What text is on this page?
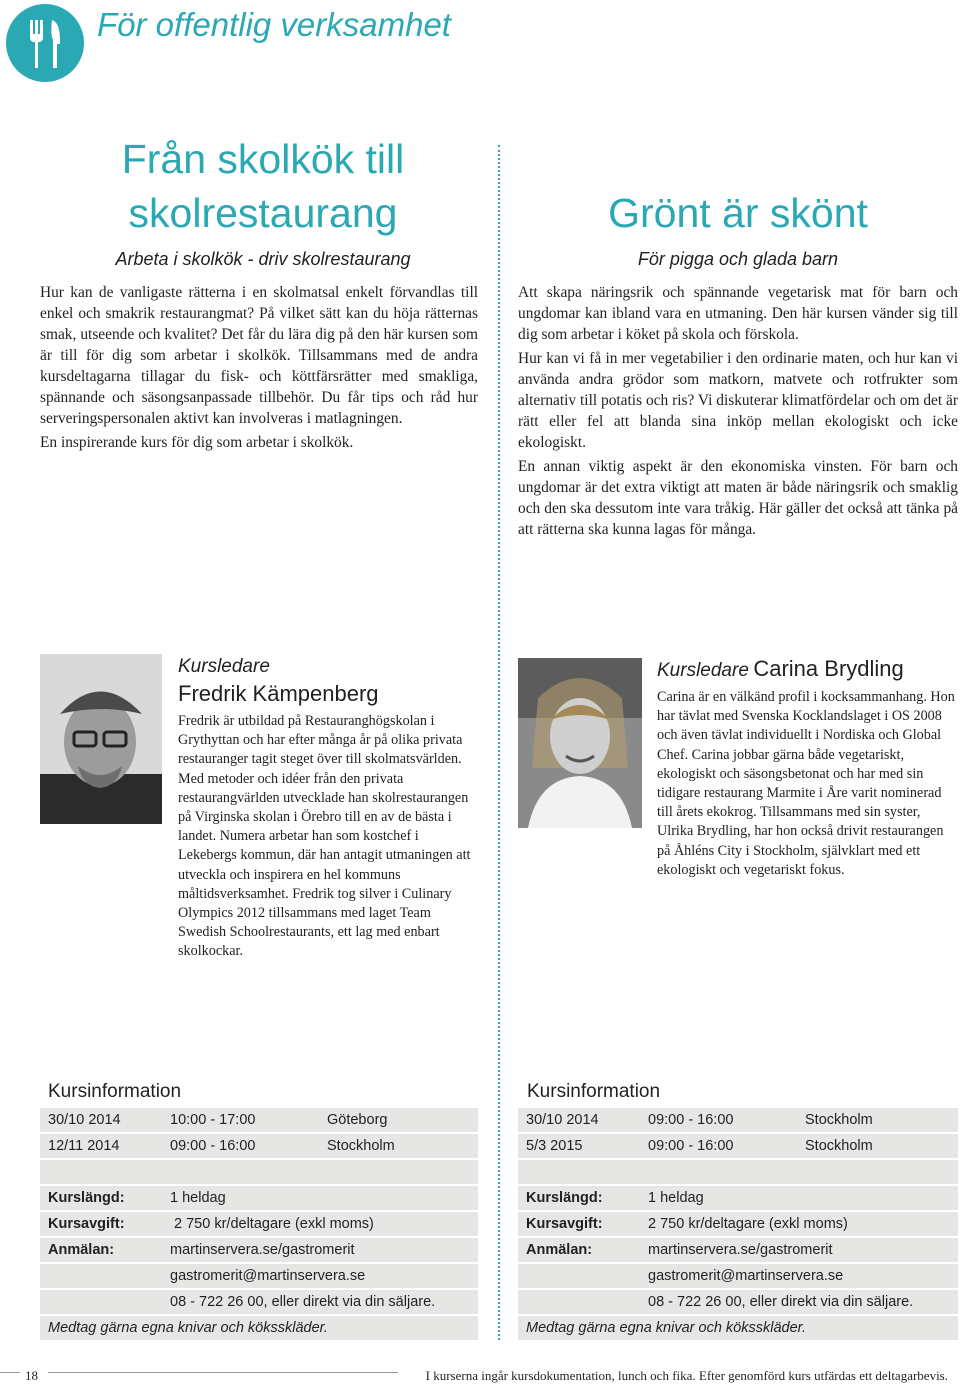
För offentlig verksamhet
Från skolkök till
skolrestaurang
Arbeta i skolkök - driv skolrestaurang

Hur kan de vanligaste rätterna i en skolmatsal enkelt förvandlas till enkel och smakrik restaurangmat? På vilket sätt kan du höja rätternas smak, utseende och kvalitet? Det får du lära dig på den här kursen som är till för dig som arbetar i skolkök. Tillsammans med de andra kursdeltagarna tillagar du fisk- och köttfärsrätter med smakliga, spännande och säsongsanpassade tillbehör. Du får tips och råd hur serveringspersonalen aktivt kan involveras i matlagningen.

En inspirerande kurs för dig som arbetar i skolkök.

Kursledare
Fredrik Kämpenberg

Fredrik är utbildad på Restauranghögskolan i Grythyttan och har efter många år på olika privata restauranger tagit steget över till skolmatsvärlden. Med metoder och idéer från den privata restaurangvärlden utvecklade han skolrestaurangen på Virginska skolan i Örebro till en av de bästa i landet. Numera arbetar han som kostchef i Lekebergs kommun, där han antagit utmaningen att utveckla och inspirera en hel kommuns måltidsverksamhet. Fredrik tog silver i Culinary Olympics 2012 tillsammans med laget Team Swedish Schoolrestaurants, ett lag med enbart skolkockar.

Kursinformation
30/10 2014	10:00 - 17:00	Göteborg
12/11 2014	09:00 - 16:00	Stockholm
Kurslängd:	1 heldag
Kursavgift:	2 750 kr/deltagare (exkl moms)
Anmälan:	martinservera.se/gastromerit
gastromerit@martinservera.se
08 - 722 26 00, eller direkt via din säljare.
Medtag gärna egna knivar och köksskläder.
Grönt är skönt
För pigga och glada barn

Att skapa näringsrik och spännande vegetarisk mat för barn och ungdomar kan ibland vara en utmaning. Den här kursen vänder sig till dig som arbetar i köket på skola och förskola.

Hur kan vi få in mer vegetabilier i den ordinarie maten, och hur kan vi använda andra grödor som matkorn, matvete och rotfrukter som alternativ till potatis och ris? Vi diskuterar klimatfördelar och om det är rätt eller fel att blanda sina inköp mellan ekologiskt och icke ekologiskt.

En annan viktig aspekt är den ekonomiska vinsten. För barn och ungdomar är det extra viktigt att maten är både näringsrik och smaklig och den ska dessutom inte vara tråkig. Här gäller det också att tänka på att rätterna ska kunna lagas för många.

Kursledare Carina Brydling

Carina är en välkänd profil i kocksammanhang. Hon har tävlat med Svenska Kocklandslaget i OS 2008 och även tävlat individuellt i Nordiska och Global Chef. Carina jobbar gärna både vegetariskt, ekologiskt och säsongsbetonat och har med sin tidigare restaurang Marmite i Åre varit nominerad till årets ekokrog. Tillsammans med sin syster, Ulrika Brydling, har hon också drivit restaurangen på Åhléns City i Stockholm, självklart med ett ekologiskt och vegetariskt fokus.

Kursinformation
30/10 2014	09:00 - 16:00	Stockholm
5/3 2015	09:00 - 16:00	Stockholm
Kurslängd:	1 heldag
Kursavgift:	2 750 kr/deltagare (exkl moms)
Anmälan:	martinservera.se/gastromerit
gastromerit@martinservera.se
08 - 722 26 00, eller direkt via din säljare.
Medtag gärna egna knivar och köksskläder.
18	I kurserna ingår kursdokumentation, lunch och fika. Efter genomförd kurs utfärdas ett deltagarbevis.
